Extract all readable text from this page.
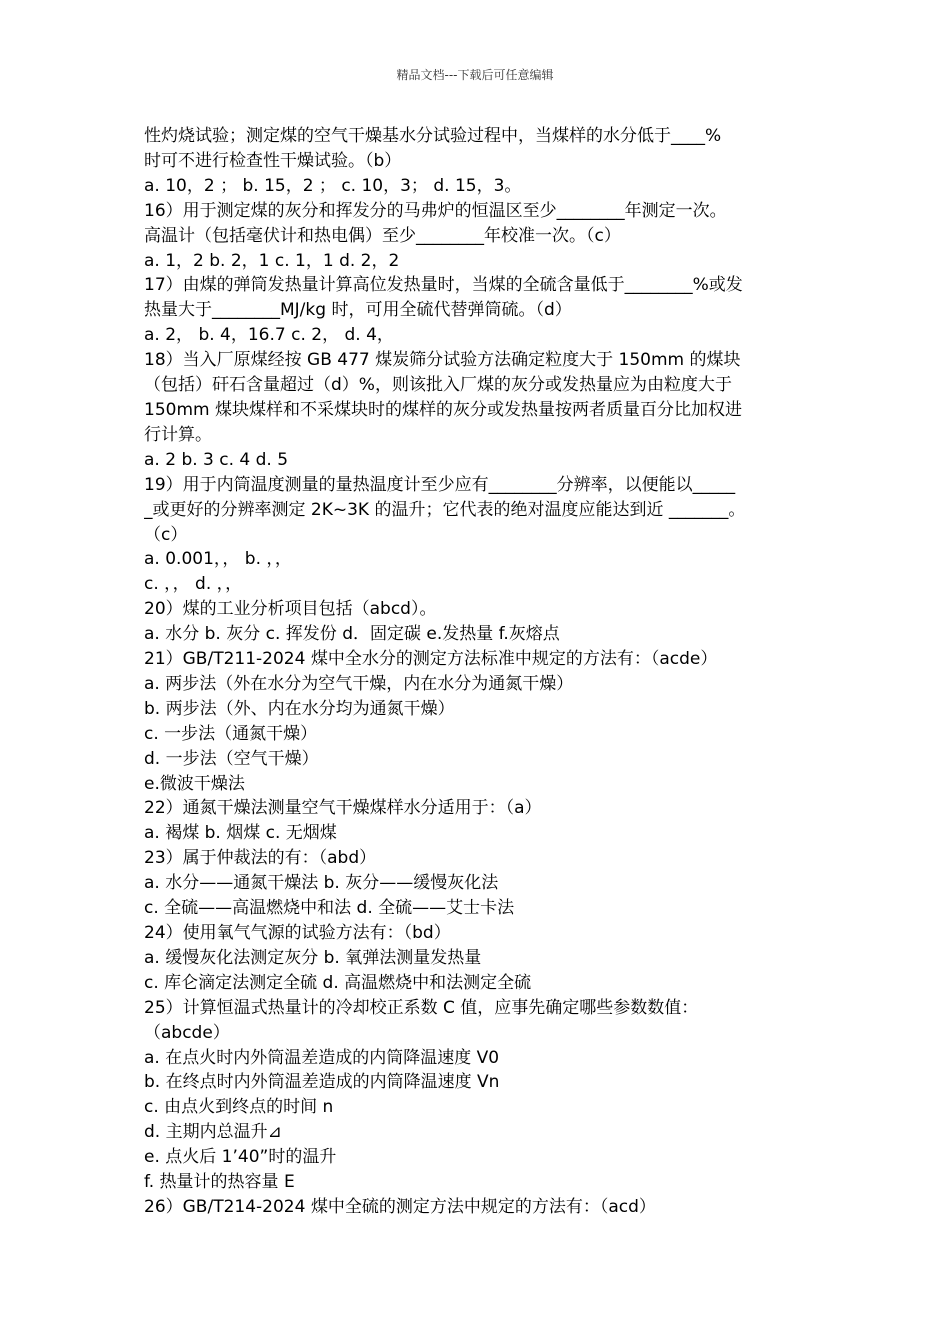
精品文档---下载后可任意编辑
性灼烧试验；测定煤的空气干燥基水分试验过程中，当煤样的水分低于____%
时可不进行检查性干燥试验。（b）
a. 10，2 ； b. 15，2 ； c. 10，3； d. 15，3。
16）用于测定煤的灰分和挥发分的马弗炉的恒温区至少________年测定一次。
高温计（包括毫伏计和热电偶）至少________年校准一次。（c）
a. 1，2 b. 2，1 c. 1，1 d. 2，2
17）由煤的弹筒发热量计算高位发热量时，当煤的全硫含量低于________%或发
热量大于________MJ/kg 时，可用全硫代替弹筒硫。（d）
a. 2， b. 4，16.7 c. 2， d. 4，
18）当入厂原煤经按 GB 477 煤炭筛分试验方法确定粒度大于 150mm 的煤块
（包括）矸石含量超过（d）%，则该批入厂煤的灰分或发热量应为由粒度大于
150mm 煤块煤样和不采煤块时的煤样的灰分或发热量按两者质量百分比加权进
行计算。
a. 2 b. 3 c. 4 d. 5
19）用于内筒温度测量的量热温度计至少应有________分辨率，以便能以_____
_或更好的分辨率测定 2K~3K 的温升；它代表的绝对温度应能达到近 _______。
（c）
a. 0.001，， b. ，，
c. ，， d. ，，
20）煤的工业分析项目包括（abcd）。
a. 水分 b. 灰分 c. 挥发份 d．固定碳 e.发热量 f.灰熔点
21）GB/T211-2024 煤中全水分的测定方法标准中规定的方法有：（acde）
a. 两步法（外在水分为空气干燥，内在水分为通氮干燥）
b. 两步法（外、内在水分均为通氮干燥）
c. 一步法（通氮干燥）
d. 一步法（空气干燥）
e.微波干燥法
22）通氮干燥法测量空气干燥煤样水分适用于：（a）
a. 褐煤 b. 烟煤 c. 无烟煤
23）属于仲裁法的有：（abd）
a. 水分——通氮干燥法 b. 灰分——缓慢灰化法
c. 全硫——高温燃烧中和法 d. 全硫——艾士卡法
24）使用氧气气源的试验方法有：（bd）
a. 缓慢灰化法测定灰分 b. 氧弹法测量发热量
c. 库仑滴定法测定全硫 d. 高温燃烧中和法测定全硫
25）计算恒温式热量计的冷却校正系数 C 值，应事先确定哪些参数数值：
（abcde）
a. 在点火时内外筒温差造成的内筒降温速度 V0
b. 在终点时内外筒温差造成的内筒降温速度 Vn
c. 由点火到终点的时间 n
d. 主期内总温升⊿
e. 点火后 1’40”时的温升
f. 热量计的热容量 E
26）GB/T214-2024 煤中全硫的测定方法中规定的方法有：（acd）
